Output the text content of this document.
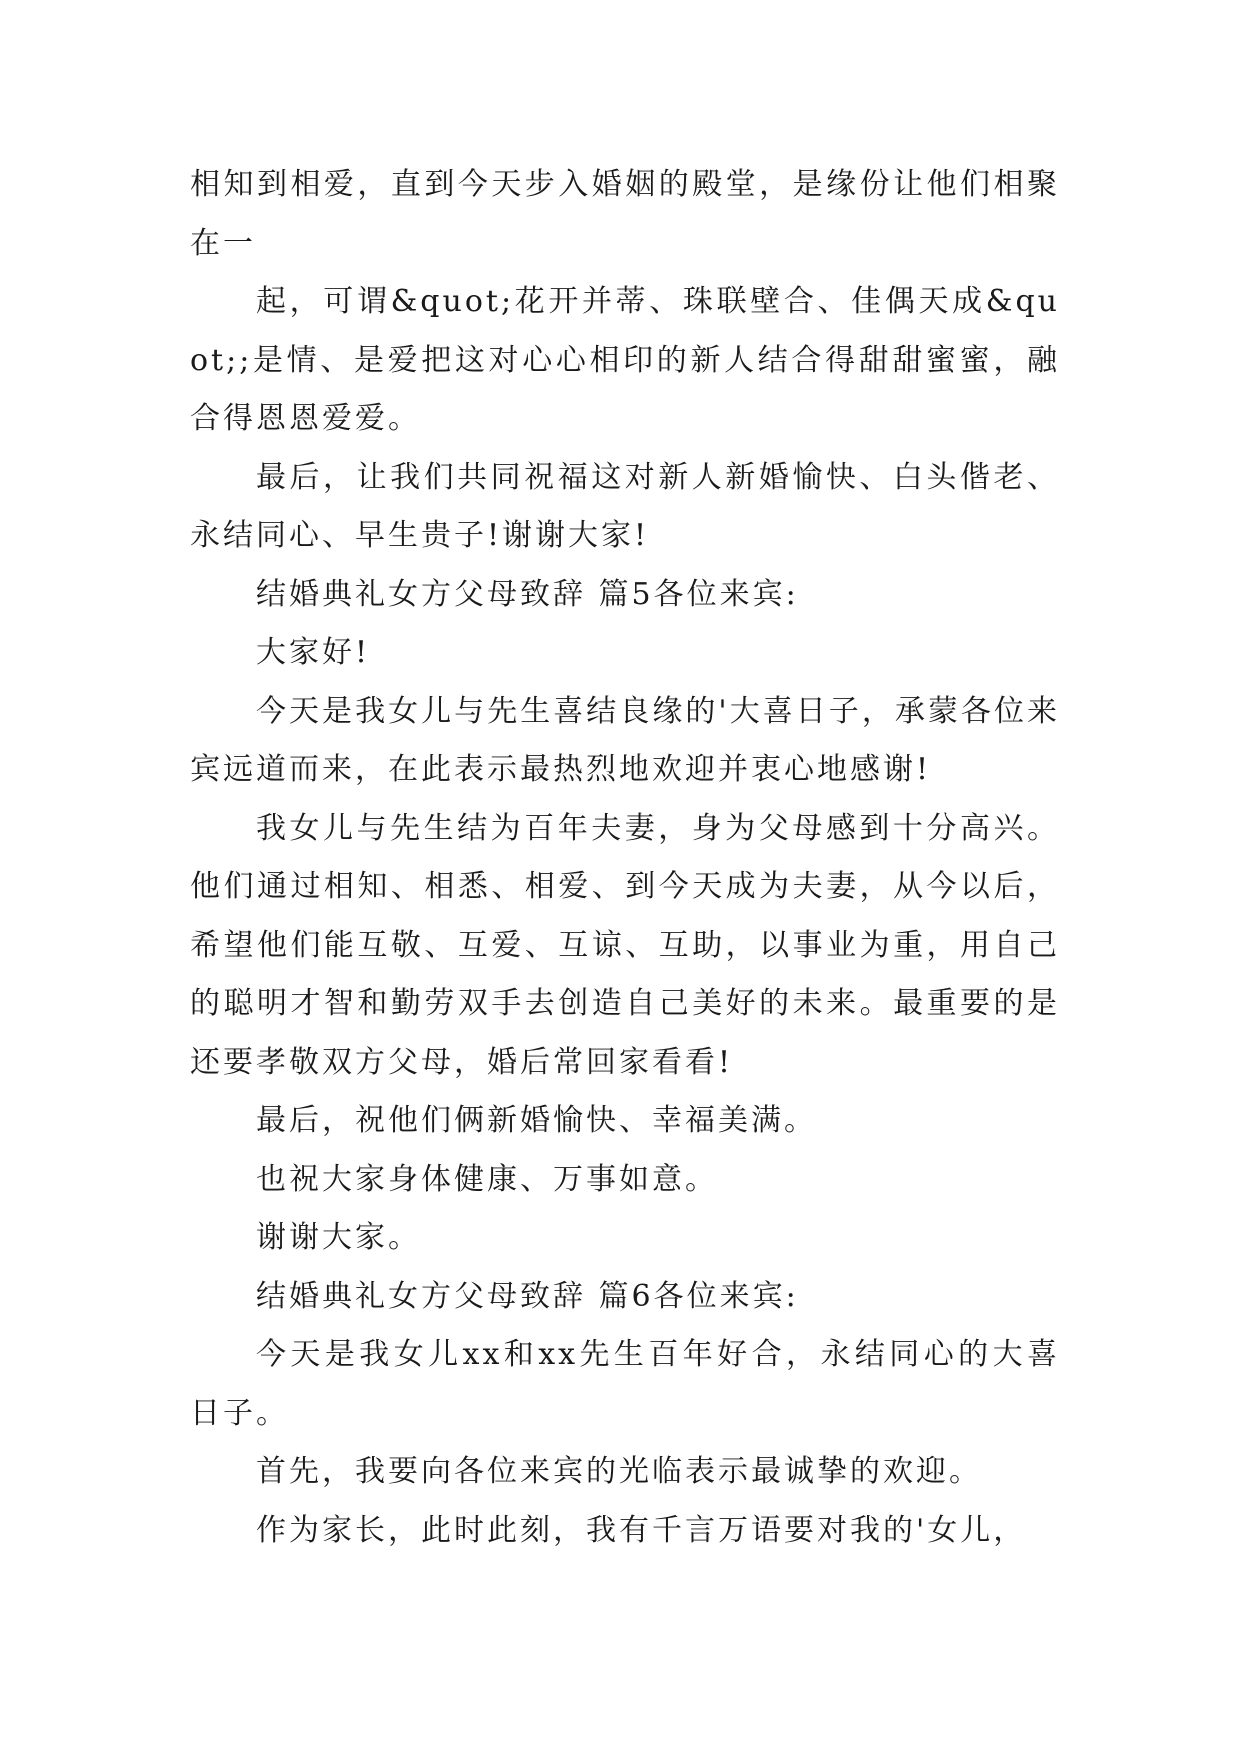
相知到相爱，直到今天步入婚姻的殿堂，是缘份让他们相聚在一

起，可谓&quot;花开并蒂、珠联壁合、佳偶天成&quot;;是情、是爱把这对心心相印的新人结合得甜甜蜜蜜，融合得恩恩爱爱。

最后，让我们共同祝福这对新人新婚愉快、白头偕老、永结同心、早生贵子!谢谢大家!

结婚典礼女方父母致辞 篇5各位来宾:

大家好!

今天是我女儿与先生喜结良缘的'大喜日子，承蒙各位来宾远道而来，在此表示最热烈地欢迎并衷心地感谢!

我女儿与先生结为百年夫妻，身为父母感到十分高兴。他们通过相知、相悉、相爱、到今天成为夫妻，从今以后，希望他们能互敬、互爱、互谅、互助，以事业为重，用自己的聪明才智和勤劳双手去创造自己美好的未来。最重要的是还要孝敬双方父母，婚后常回家看看!

最后，祝他们俩新婚愉快、幸福美满。

也祝大家身体健康、万事如意。

谢谢大家。

结婚典礼女方父母致辞 篇6各位来宾:

今天是我女儿xx和xx先生百年好合，永结同心的大喜日子。

首先，我要向各位来宾的光临表示最诚挚的欢迎。

作为家长，此时此刻，我有千言万语要对我的'女儿，
